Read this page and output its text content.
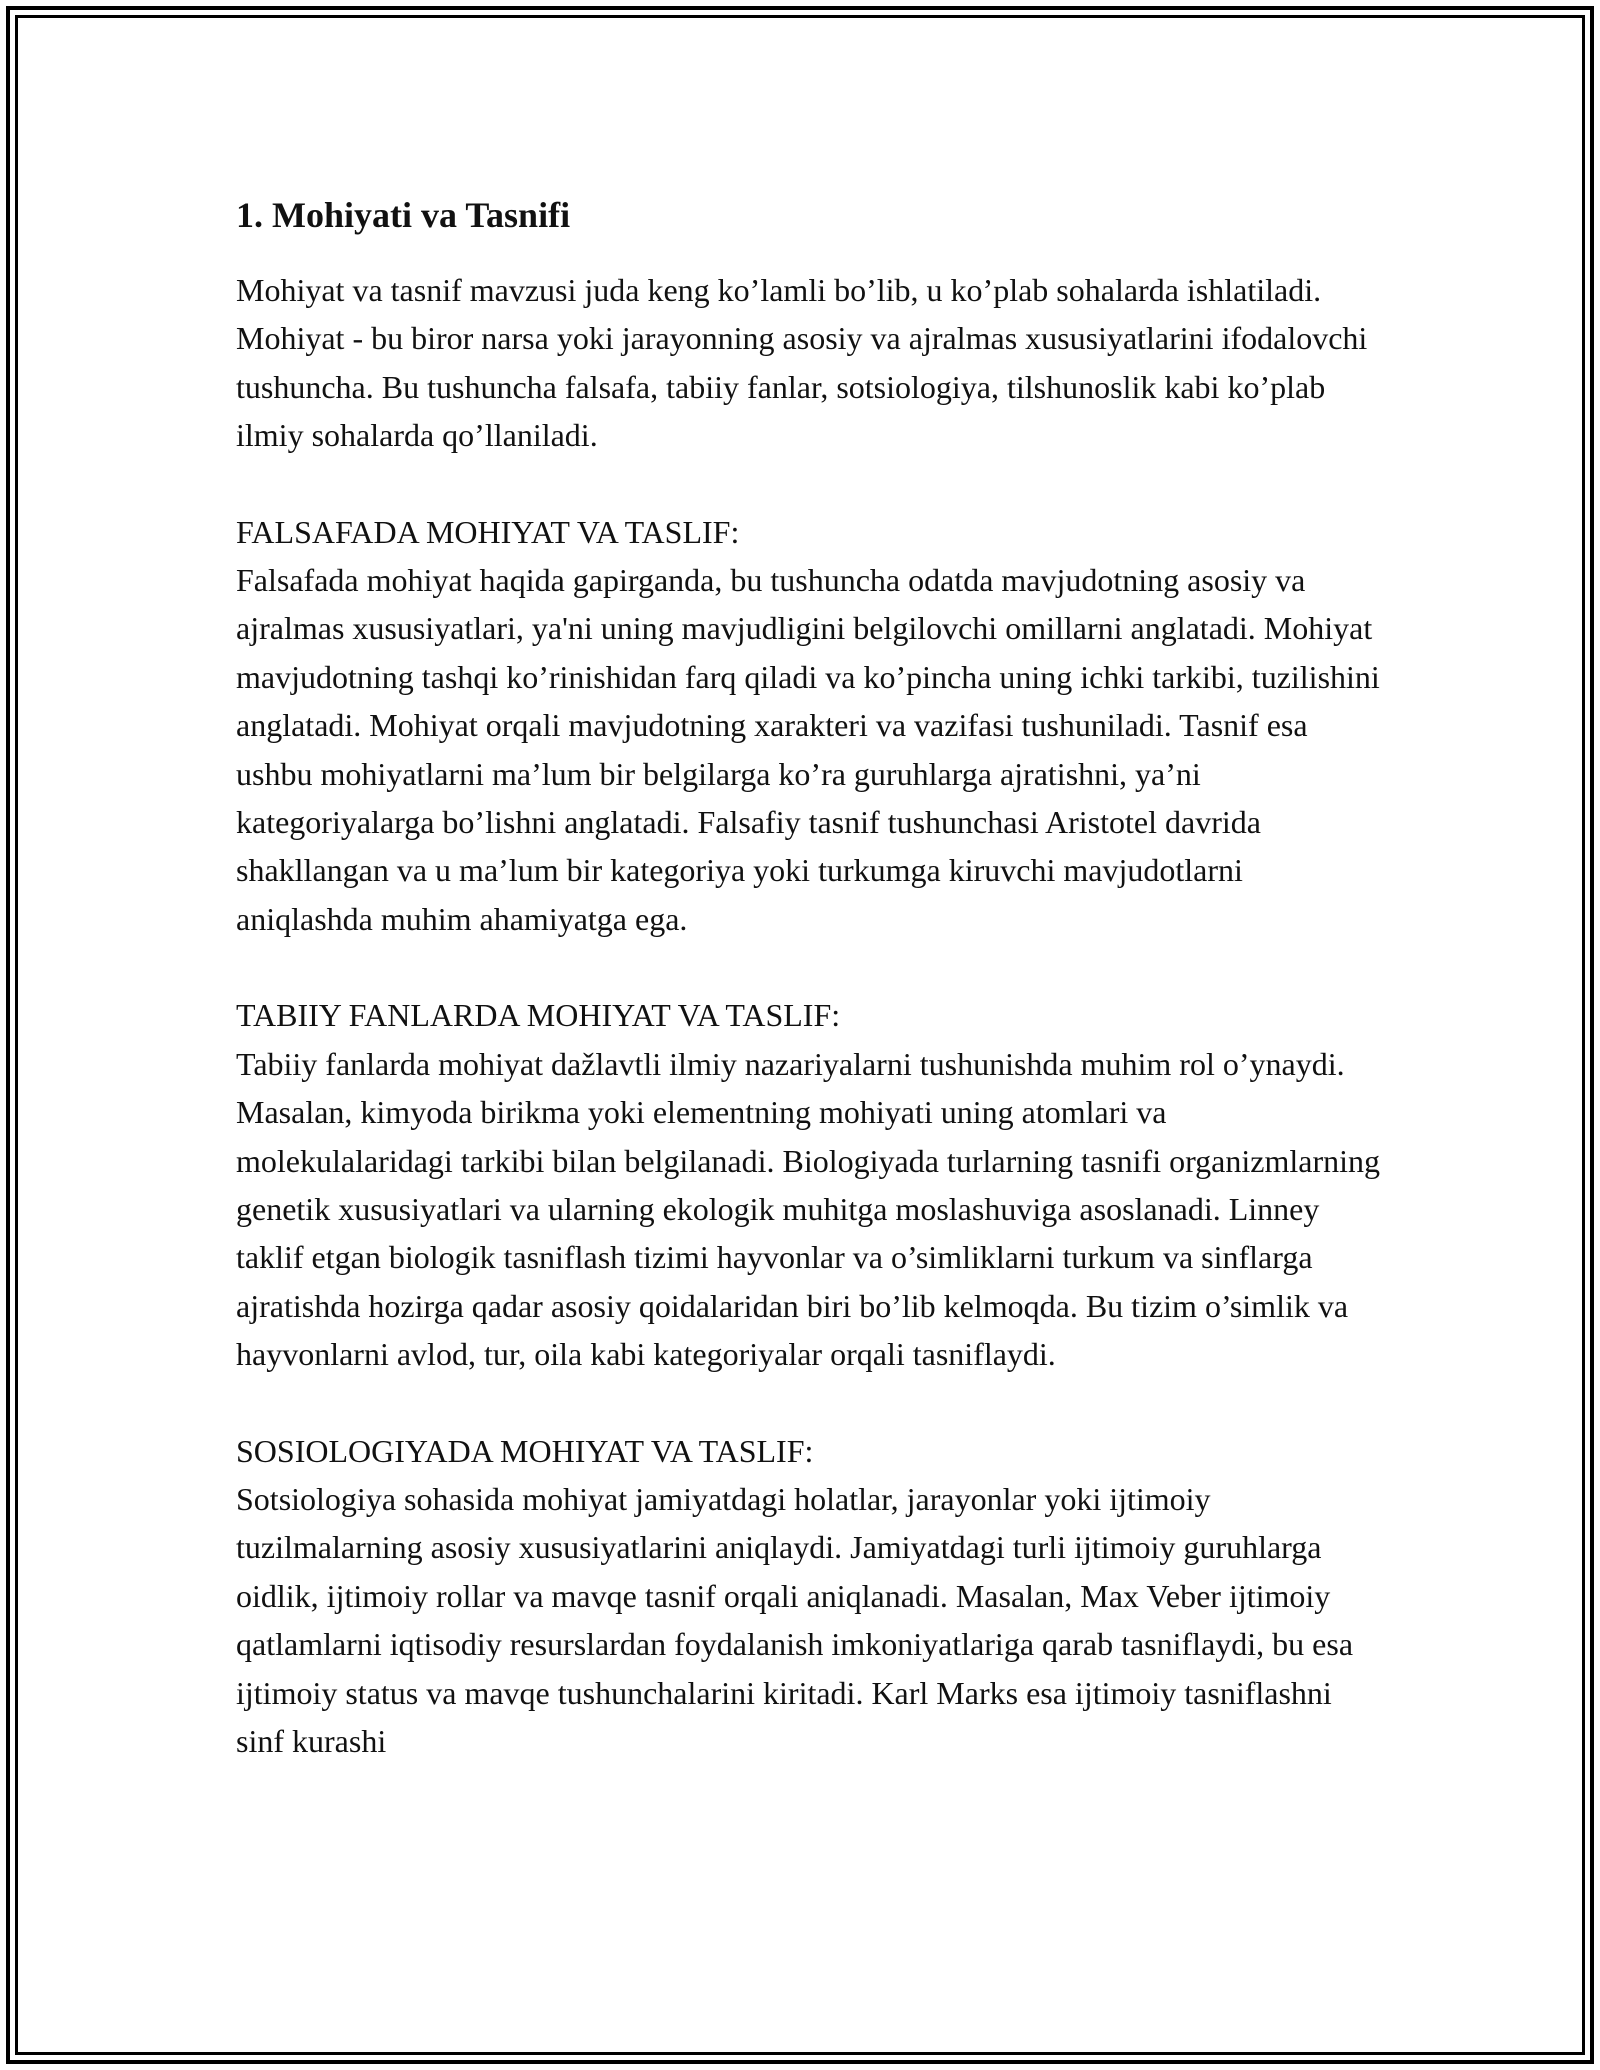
1. Mohiyati va Tasnifi

Mohiyat va tasnif mavzusi juda keng ko’lamli bo’lib, u ko’plab sohalarda ishlatiladi. Mohiyat - bu biror narsa yoki jarayonning asosiy va ajralmas xususiyatlarini ifodalovchi tushuncha. Bu tushuncha falsafa, tabiiy fanlar, sotsiologiya, tilshunoslik kabi ko’plab ilmiy sohalarda qo’llaniladi.

FALSAFADA MOHIYAT VA TASLIF:

Falsafada mohiyat haqida gapirganda, bu tushuncha odatda mavjudotning asosiy va ajralmas xususiyatlari, ya'ni uning mavjudligini belgilovchi omillarni anglatadi. Mohiyat mavjudotning tashqi ko’rinishidan farq qiladi va ko’pincha uning ichki tarkibi, tuzilishini anglatadi. Mohiyat orqali mavjudotning xarakteri va vazifasi tushuniladi. Tasnif esa ushbu mohiyatlarni ma’lum bir belgilarga ko’ra guruhlarga ajratishni, ya’ni kategoriyalarga bo’lishni anglatadi. Falsafiy tasnif tushunchasi Aristotel davrida shakllangan va u ma’lum bir kategoriya yoki turkumga kiruvchi mavjudotlarni aniqlashda muhim ahamiyatga ega.

TABIIY FANLARDA MOHIYAT VA TASLIF:

Tabiiy fanlarda mohiyat dažlavtli ilmiy nazariyalarni tushunishda muhim rol o’ynaydi. Masalan, kimyoda birikma yoki elementning mohiyati uning atomlari va molekulalaridagi tarkibi bilan belgilanadi. Biologiyada turlarning tasnifi organizmlarning genetik xususiyatlari va ularning ekologik muhitga moslashuviga asoslanadi. Linney taklif etgan biologik tasniflash tizimi hayvonlar va o’simliklarni turkum va sinflarga ajratishda hozirga qadar asosiy qoidalaridan biri bo’lib kelmoqda. Bu tizim o’simlik va hayvonlarni avlod, tur, oila kabi kategoriyalar orqali tasniflaydi.

SOSIOLOGIYADA MOHIYAT VA TASLIF:

Sotsiologiya sohasida mohiyat jamiyatdagi holatlar, jarayonlar yoki ijtimoiy tuzilmalarning asosiy xususiyatlarini aniqlaydi. Jamiyatdagi turli ijtimoiy guruhlarga oidlik, ijtimoiy rollar va mavqe tasnif orqali aniqlanadi. Masalan, Max Veber ijtimoiy qatlamlarni iqtisodiy resurslardan foydalanish imkoniyatlariga qarab tasniflaydi, bu esa ijtimoiy status va mavqe tushunchalarini kiritadi. Karl Marks esa ijtimoiy tasniflashni sinf kurashi
